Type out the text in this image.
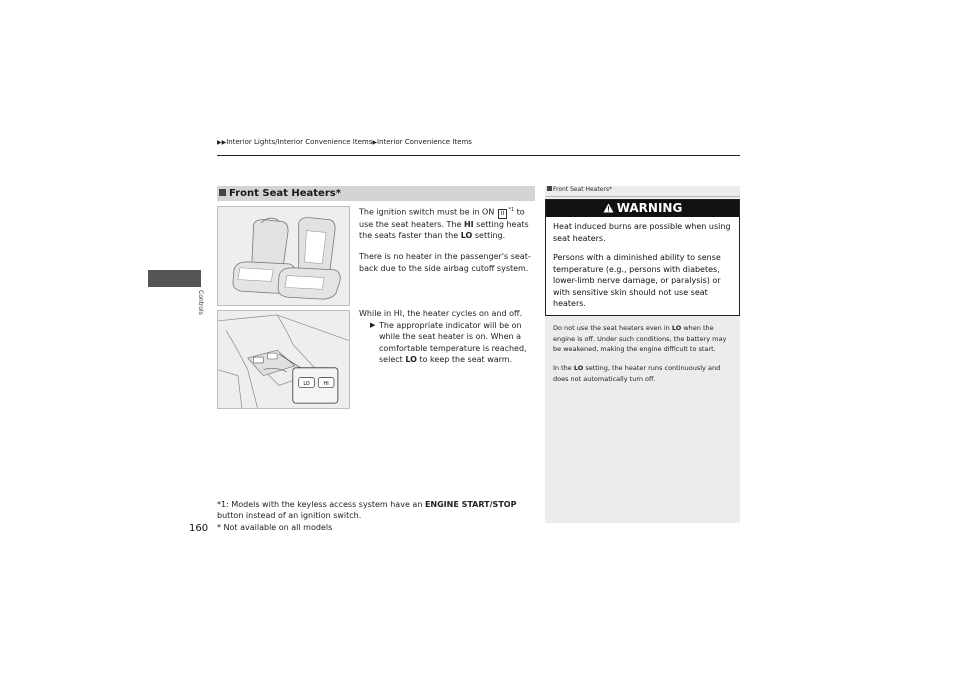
▶▶Interior Lights/Interior Convenience Items▶Interior Convenience Items
Controls
Front Seat Heaters*
LO	HI
The ignition switch must be in ON II $^{*1}$ to use the seat heaters. The HI setting heats the seats faster than the LO setting.
There is no heater in the passenger's seat-back due to the side airbag cutoff system.
While in HI, the heater cycles on and off.
▶ The appropriate indicator will be on while the seat heater is on. When a comfortable temperature is reached, select LO to keep the seat warm.
*1: Models with the keyless access system have an ENGINE START/STOP button instead of an ignition switch.
160 * Not available on all models
Front Seat Heaters*
WARNING

Heat induced burns are possible when using seat heaters.

Persons with a diminished ability to sense temperature (e.g., persons with diabetes, lower-limb nerve damage, or paralysis) or with sensitive skin should not use seat heaters.

Do not use the seat heaters even in LO when the engine is off. Under such conditions, the battery may be weakened, making the engine difficult to start.
In the LO setting, the heater runs continuously and does not automatically turn off.
